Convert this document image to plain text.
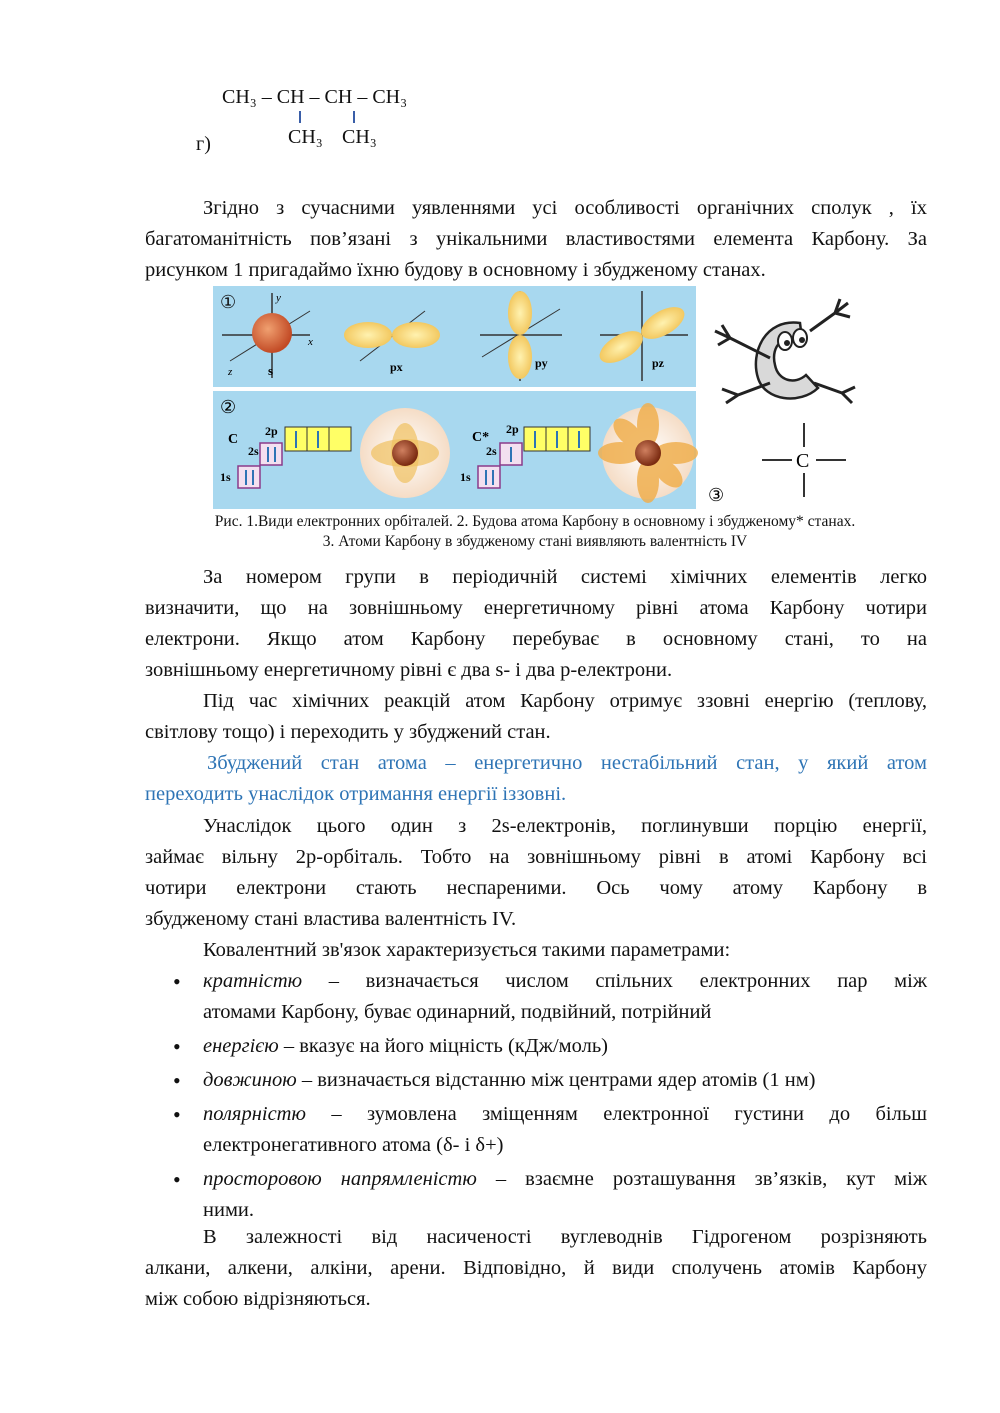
CH₃ – CH – CH – CH₃
г)	CH₃ CH₃

Згідно з сучасними уявленнями усі особливості органічних сполук , їх
багатоманітність пов’язані з унікальними властивостями елемента Карбону. За
рисунком 1 пригадаймо їхню будову в основному і збудженому станах.

①	y
x
z	s	px	py	pz
②
C
2p
2s
1s
C*
2p
2s
1s
C
③
Рис. 1.Види електронних орбіталей. 2. Будова атома Карбону в основному і збудженому* станах.
3. Атоми Карбону в збудженому стані виявляють валентність IV

За номером групи в періодичній системі хімічних елементів легко
визначити, що на зовнішньому енергетичному рівні атома Карбону чотири
електрони. Якщо атом Карбону перебуває в основному стані, то на
зовнішньому енергетичному рівні є два s- і два р-електрони.

Під час хімічних реакцій атом Карбону отримує ззовні енергію (теплову,
світлову тощо) і переходить у збуджений стан.

Збуджений стан атома – енергетично нестабільний стан, у який атом
переходить унаслідок отримання енергії іззовні.

Унаслідок цього один з 2s-електронів, поглинувши порцію енергії,
займає вільну 2р-орбіталь. Тобто на зовнішньому рівні в атомі Карбону всі
чотири електрони стають неспареними. Ось чому атому Карбону в
збудженому стані властива валентність IV.

Ковалентний зв'язок характеризується такими параметрами:

• кратністю – визначається числом спільних електронних пар між
атомами Карбону, буває одинарний, подвійний, потрійний
• енергією – вказує на його міцність (кДж/моль)
• довжиною – визначається відстанню між центрами ядер атомів (1 нм)
• полярністю – зумовлена зміщенням електронної густини до більш
електронегативного атома (δ- і δ+)
• просторовою напрямленістю – взаємне розташування зв’язків, кут між
ними.

В залежності від насиченості вуглеводнів Гідрогеном розрізняють
алкани, алкени, алкіни, арени. Відповідно, й види сполучень атомів Карбону
між собою відрізняються.
